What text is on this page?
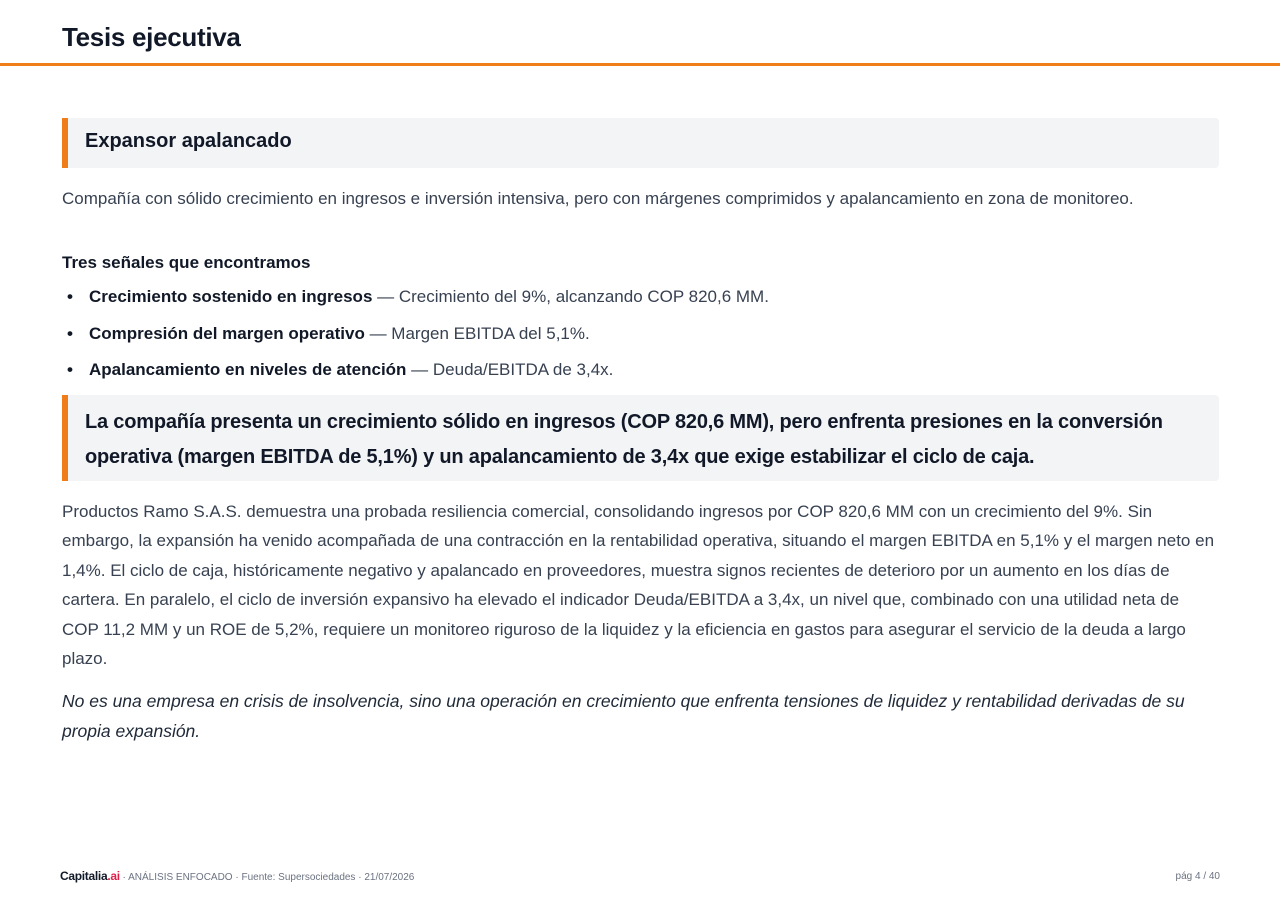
Tesis ejecutiva
Expansor apalancado

Compañía con sólido crecimiento en ingresos e inversión intensiva, pero con márgenes comprimidos y apalancamiento en zona de monitoreo.

Tres señales que encontramos
• Crecimiento sostenido en ingresos — Crecimiento del 9%, alcanzando COP 820,6 MM.
• Compresión del margen operativo — Margen EBITDA del 5,1%.
• Apalancamiento en niveles de atención — Deuda/EBITDA de 3,4x.
La compañía presenta un crecimiento sólido en ingresos (COP 820,6 MM), pero enfrenta presiones en la conversión operativa (margen EBITDA de 5,1%) y un apalancamiento de 3,4x que exige estabilizar el ciclo de caja.

Productos Ramo S.A.S. demuestra una probada resiliencia comercial, consolidando ingresos por COP 820,6 MM con un crecimiento del 9%. Sin embargo, la expansión ha venido acompañada de una contracción en la rentabilidad operativa, situando el margen EBITDA en 5,1% y el margen neto en 1,4%. El ciclo de caja, históricamente negativo y apalancado en proveedores, muestra signos recientes de deterioro por un aumento en los días de cartera. En paralelo, el ciclo de inversión expansivo ha elevado el indicador Deuda/EBITDA a 3,4x, un nivel que, combinado con una utilidad neta de COP 11,2 MM y un ROE de 5,2%, requiere un monitoreo riguroso de la liquidez y la eficiencia en gastos para asegurar el servicio de la deuda a largo plazo.

No es una empresa en crisis de insolvencia, sino una operación en crecimiento que enfrenta tensiones de liquidez y rentabilidad derivadas de su propia expansión.

Capitalia.ai · ANÁLISIS ENFOCADO · Fuente: Supersociedades · 21/07/2026	pág 4 / 40
